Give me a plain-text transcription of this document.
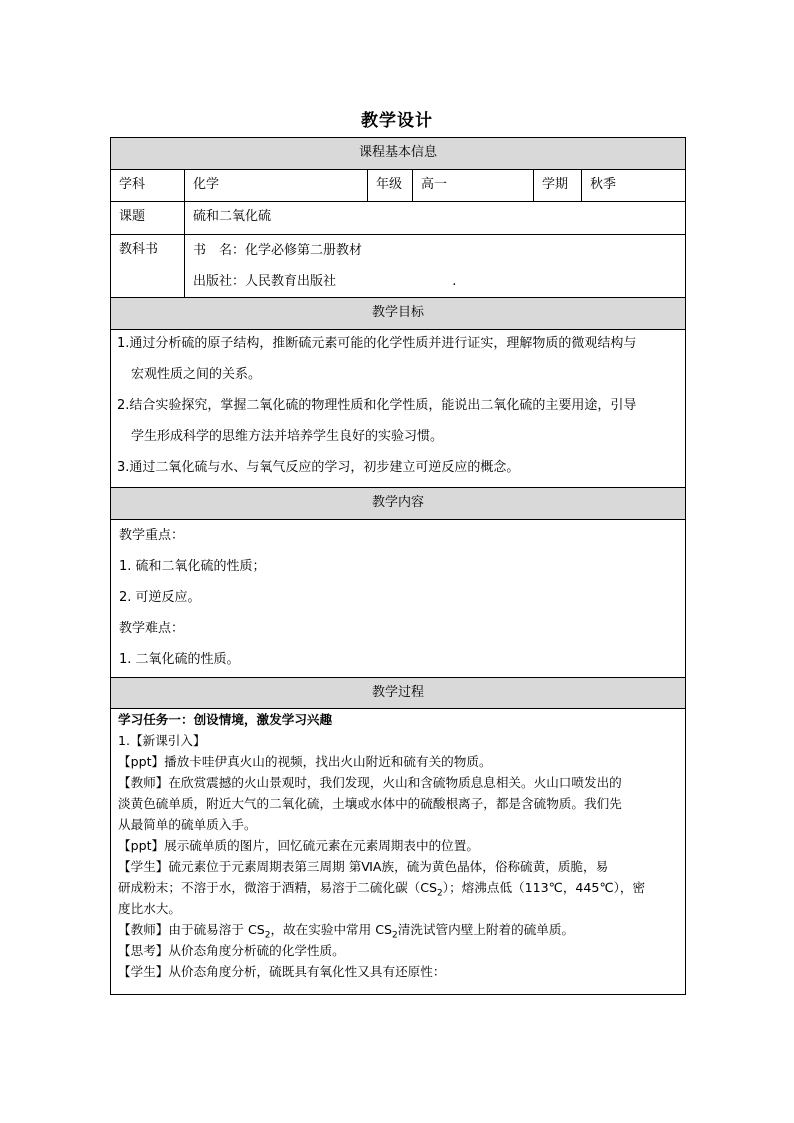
教学设计
课程基本信息
学科	化学	年级	高一	学期	秋季
课题	硫和二氧化硫
教科书	书　名：化学必修第二册教材
出版社：人民教育出版社	.
教学目标
1.通过分析硫的原子结构，推断硫元素可能的化学性质并进行证实，理解物质的微观结构与
宏观性质之间的关系。
2.结合实验探究，掌握二氧化硫的物理性质和化学性质，能说出二氧化硫的主要用途，引导
学生形成科学的思维方法并培养学生良好的实验习惯。
3.通过二氧化硫与水、与氧气反应的学习，初步建立可逆反应的概念。
教学内容
教学重点：
1. 硫和二氧化硫的性质；
2. 可逆反应。
教学难点：
1. 二氧化硫的性质。
教学过程
学习任务一：创设情境，激发学习兴趣
1.【新课引入】
【ppt】播放卡哇伊真火山的视频，找出火山附近和硫有关的物质。
【教师】在欣赏震撼的火山景观时，我们发现，火山和含硫物质息息相关。火山口喷发出的
淡黄色硫单质，附近大气的二氧化硫，土壤或水体中的硫酸根离子，都是含硫物质。我们先
从最简单的硫单质入手。
【ppt】展示硫单质的图片，回忆硫元素在元素周期表中的位置。
【学生】硫元素位于元素周期表第三周期 第ⅥA族，硫为黄色晶体，俗称硫黄，质脆，易
研成粉末；不溶于水，微溶于酒精，易溶于二硫化碳$(CS_2)$；熔沸点低（113℃，445℃），密
度比水大。
【教师】由于硫易溶于 $CS_2$，故在实验中常用 $CS_2$清洗试管内壁上附着的硫单质。
【思考】从价态角度分析硫的化学性质。
【学生】从价态角度分析，硫既具有氧化性又具有还原性：
